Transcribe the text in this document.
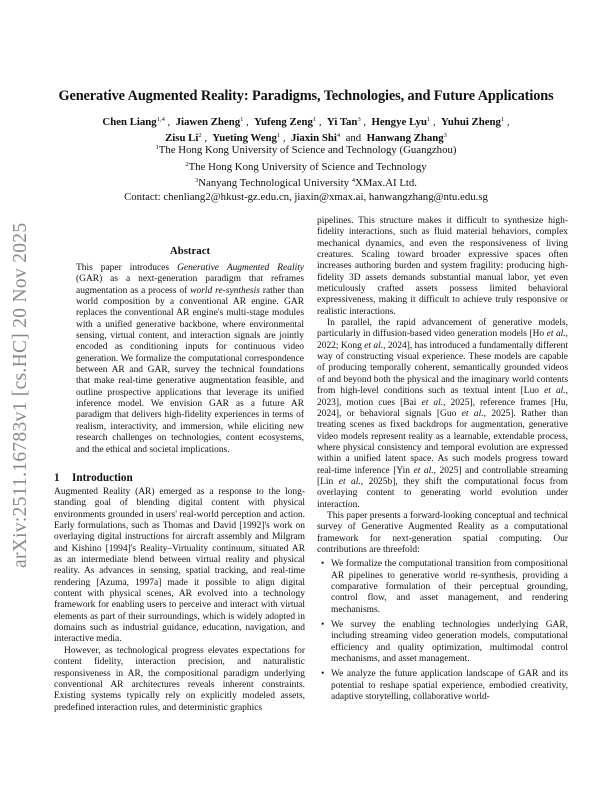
arXiv:2511.16783v1 [cs.HC] 20 Nov 2025
Generative Augmented Reality: Paradigms, Technologies, and Future Applications
Chen Liang$^{1,4}$ ,  Jiawen Zheng$^1$ ,  Yufeng Zeng$^1$ ,  Yi Tan$^3$ ,  Hengye Lyu$^1$ ,  Yuhui Zheng$^1$ ,
Zisu Li$^2$ ,  Yueting Weng$^1$ ,  Jiaxin Shi$^4$ and Hanwang Zhang$^3$
$^1$The Hong Kong University of Science and Technology (Guangzhou)
$^2$The Hong Kong University of Science and Technology
$^3$Nanyang Technological University $^4$XMax.AI Ltd.
Contact: chenliang2@hkust-gz.edu.cn, jiaxin@xmax.ai, hanwangzhang@ntu.edu.sg
Abstract

This paper introduces Generative Augmented Reality (GAR) as a next-generation paradigm that reframes augmentation as a process of world re-synthesis rather than world composition by a conventional AR engine. GAR replaces the conventional AR engine's multi-stage modules with a unified generative backbone, where environmental sensing, virtual content, and interaction signals are jointly encoded as conditioning inputs for continuous video generation. We formalize the computational correspondence between AR and GAR, survey the technical foundations that make real-time generative augmentation feasible, and outline prospective applications that leverage its unified inference model. We envision GAR as a future AR paradigm that delivers high-fidelity experiences in terms of realism, interactivity, and immersion, while eliciting new research challenges on technologies, content ecosystems, and the ethical and societal implications.

1 Introduction

Augmented Reality (AR) emerged as a response to the long-standing goal of blending digital content with physical environments grounded in users' real-world perception and action. Early formulations, such as Thomas and David [1992]'s work on overlaying digital instructions for aircraft assembly and Milgram and Kishino [1994]'s Reality–Virtuality continuum, situated AR as an intermediate blend between virtual reality and physical reality. As advances in sensing, spatial tracking, and real-time rendering [Azuma, 1997a] made it possible to align digital content with physical scenes, AR evolved into a technology framework for enabling users to perceive and interact with virtual elements as part of their surroundings, which is widely adopted in domains such as industrial guidance, education, navigation, and interactive media.

However, as technological progress elevates expectations for content fidelity, interaction precision, and naturalistic responsiveness in AR, the compositional paradigm underlying conventional AR architectures reveals inherent constraints. Existing systems typically rely on explicitly modeled assets, predefined interaction rules, and deterministic graphics

pipelines. This structure makes it difficult to synthesize high-fidelity interactions, such as fluid material behaviors, complex mechanical dynamics, and even the responsiveness of living creatures. Scaling toward broader expressive spaces often increases authoring burden and system fragility: producing high-fidelity 3D assets demands substantial manual labor, yet even meticulously crafted assets possess limited behavioral expressiveness, making it difficult to achieve truly responsive or realistic interactions.

In parallel, the rapid advancement of generative models, particularly in diffusion-based video generation models [Ho et al., 2022; Kong et al., 2024], has introduced a fundamentally different way of constructing visual experience. These models are capable of producing temporally coherent, semantically grounded videos of and beyond both the physical and the imaginary world contents from high-level conditions such as textual intent [Luo et al., 2023], motion cues [Bai et al., 2025], reference frames [Hu, 2024], or behavioral signals [Guo et al., 2025]. Rather than treating scenes as fixed backdrops for augmentation, generative video models represent reality as a learnable, extendable process, where physical consistency and temporal evolution are expressed within a unified latent space. As such models progress toward real-time inference [Yin et al., 2025] and controllable streaming [Lin et al., 2025b], they shift the computational focus from overlaying content to generating world evolution under interaction.

This paper presents a forward-looking conceptual and technical survey of Generative Augmented Reality as a computational framework for next-generation spatial computing. Our contributions are threefold:

• We formalize the computational transition from compositional AR pipelines to generative world re-synthesis, providing a comparative formulation of their perceptual grounding, control flow, and asset management, and rendering mechanisms.
• We survey the enabling technologies underlying GAR, including streaming video generation models, computational efficiency and quality optimization, multimodal control mechanisms, and asset management.
• We analyze the future application landscape of GAR and its potential to reshape spatial experience, embodied creativity, adaptive storytelling, collaborative world-
